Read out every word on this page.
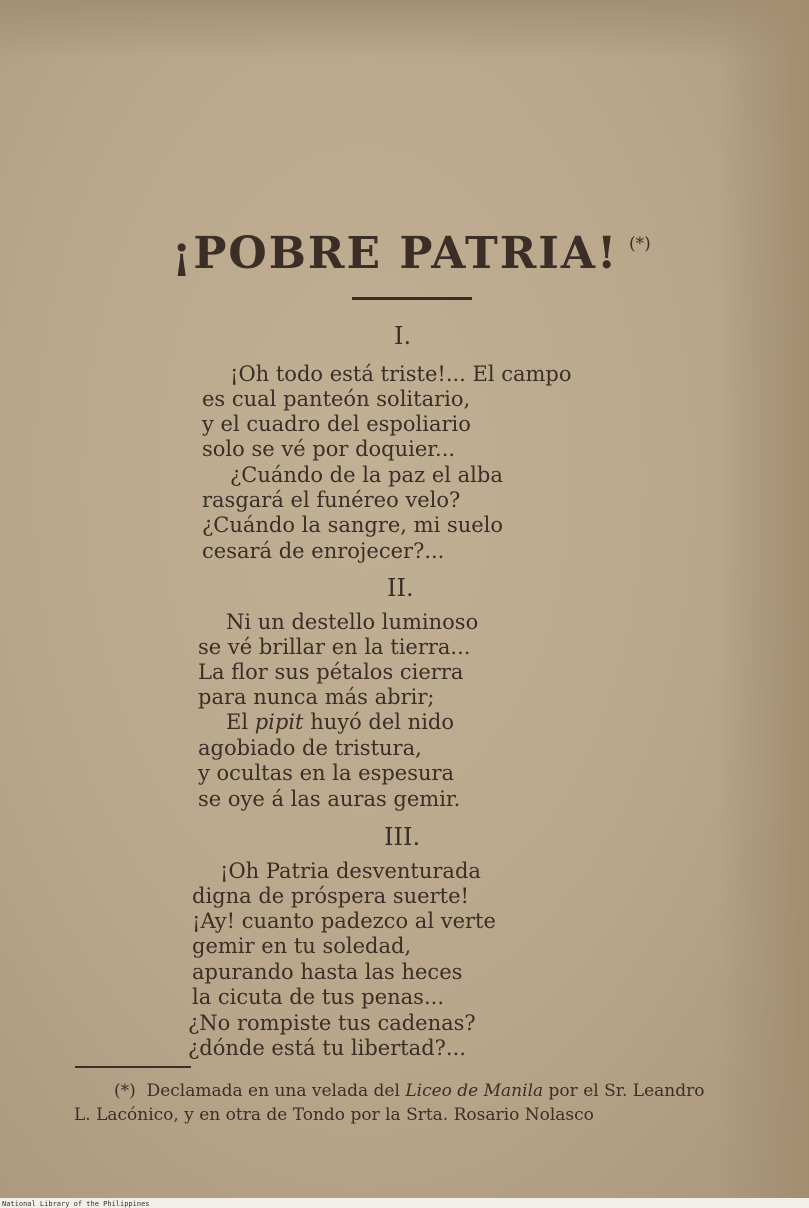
¡POBRE PATRIA! (*)

I.

¡Oh todo está triste!... El campo

es cual panteón solitario,

y el cuadro del espoliario

solo se vé por doquier...

¿Cuándo de la paz el alba

rasgará el funéreo velo?

¿Cuándo la sangre, mi suelo

cesará de enrojecer?...

II.

Ni un destello luminoso

se vé brillar en la tierra...

La flor sus pétalos cierra

para nunca más abrir;

El pipit huyó del nido

agobiado de tristura,

y ocultas en la espesura

se oye á las auras gemir.

III.

¡Oh Patria desventurada

digna de próspera suerte!

¡Ay! cuanto padezco al verte

gemir en tu soledad,

apurando hasta las heces

la cicuta de tus penas...

¿No rompiste tus cadenas?

¿dónde está tu libertad?...

(*) Declamada en una velada del Liceo de Manila por el Sr. Leandro

L. Lacónico, y en otra de Tondo por la Srta. Rosario Nolasco

National Library of the Philippines
